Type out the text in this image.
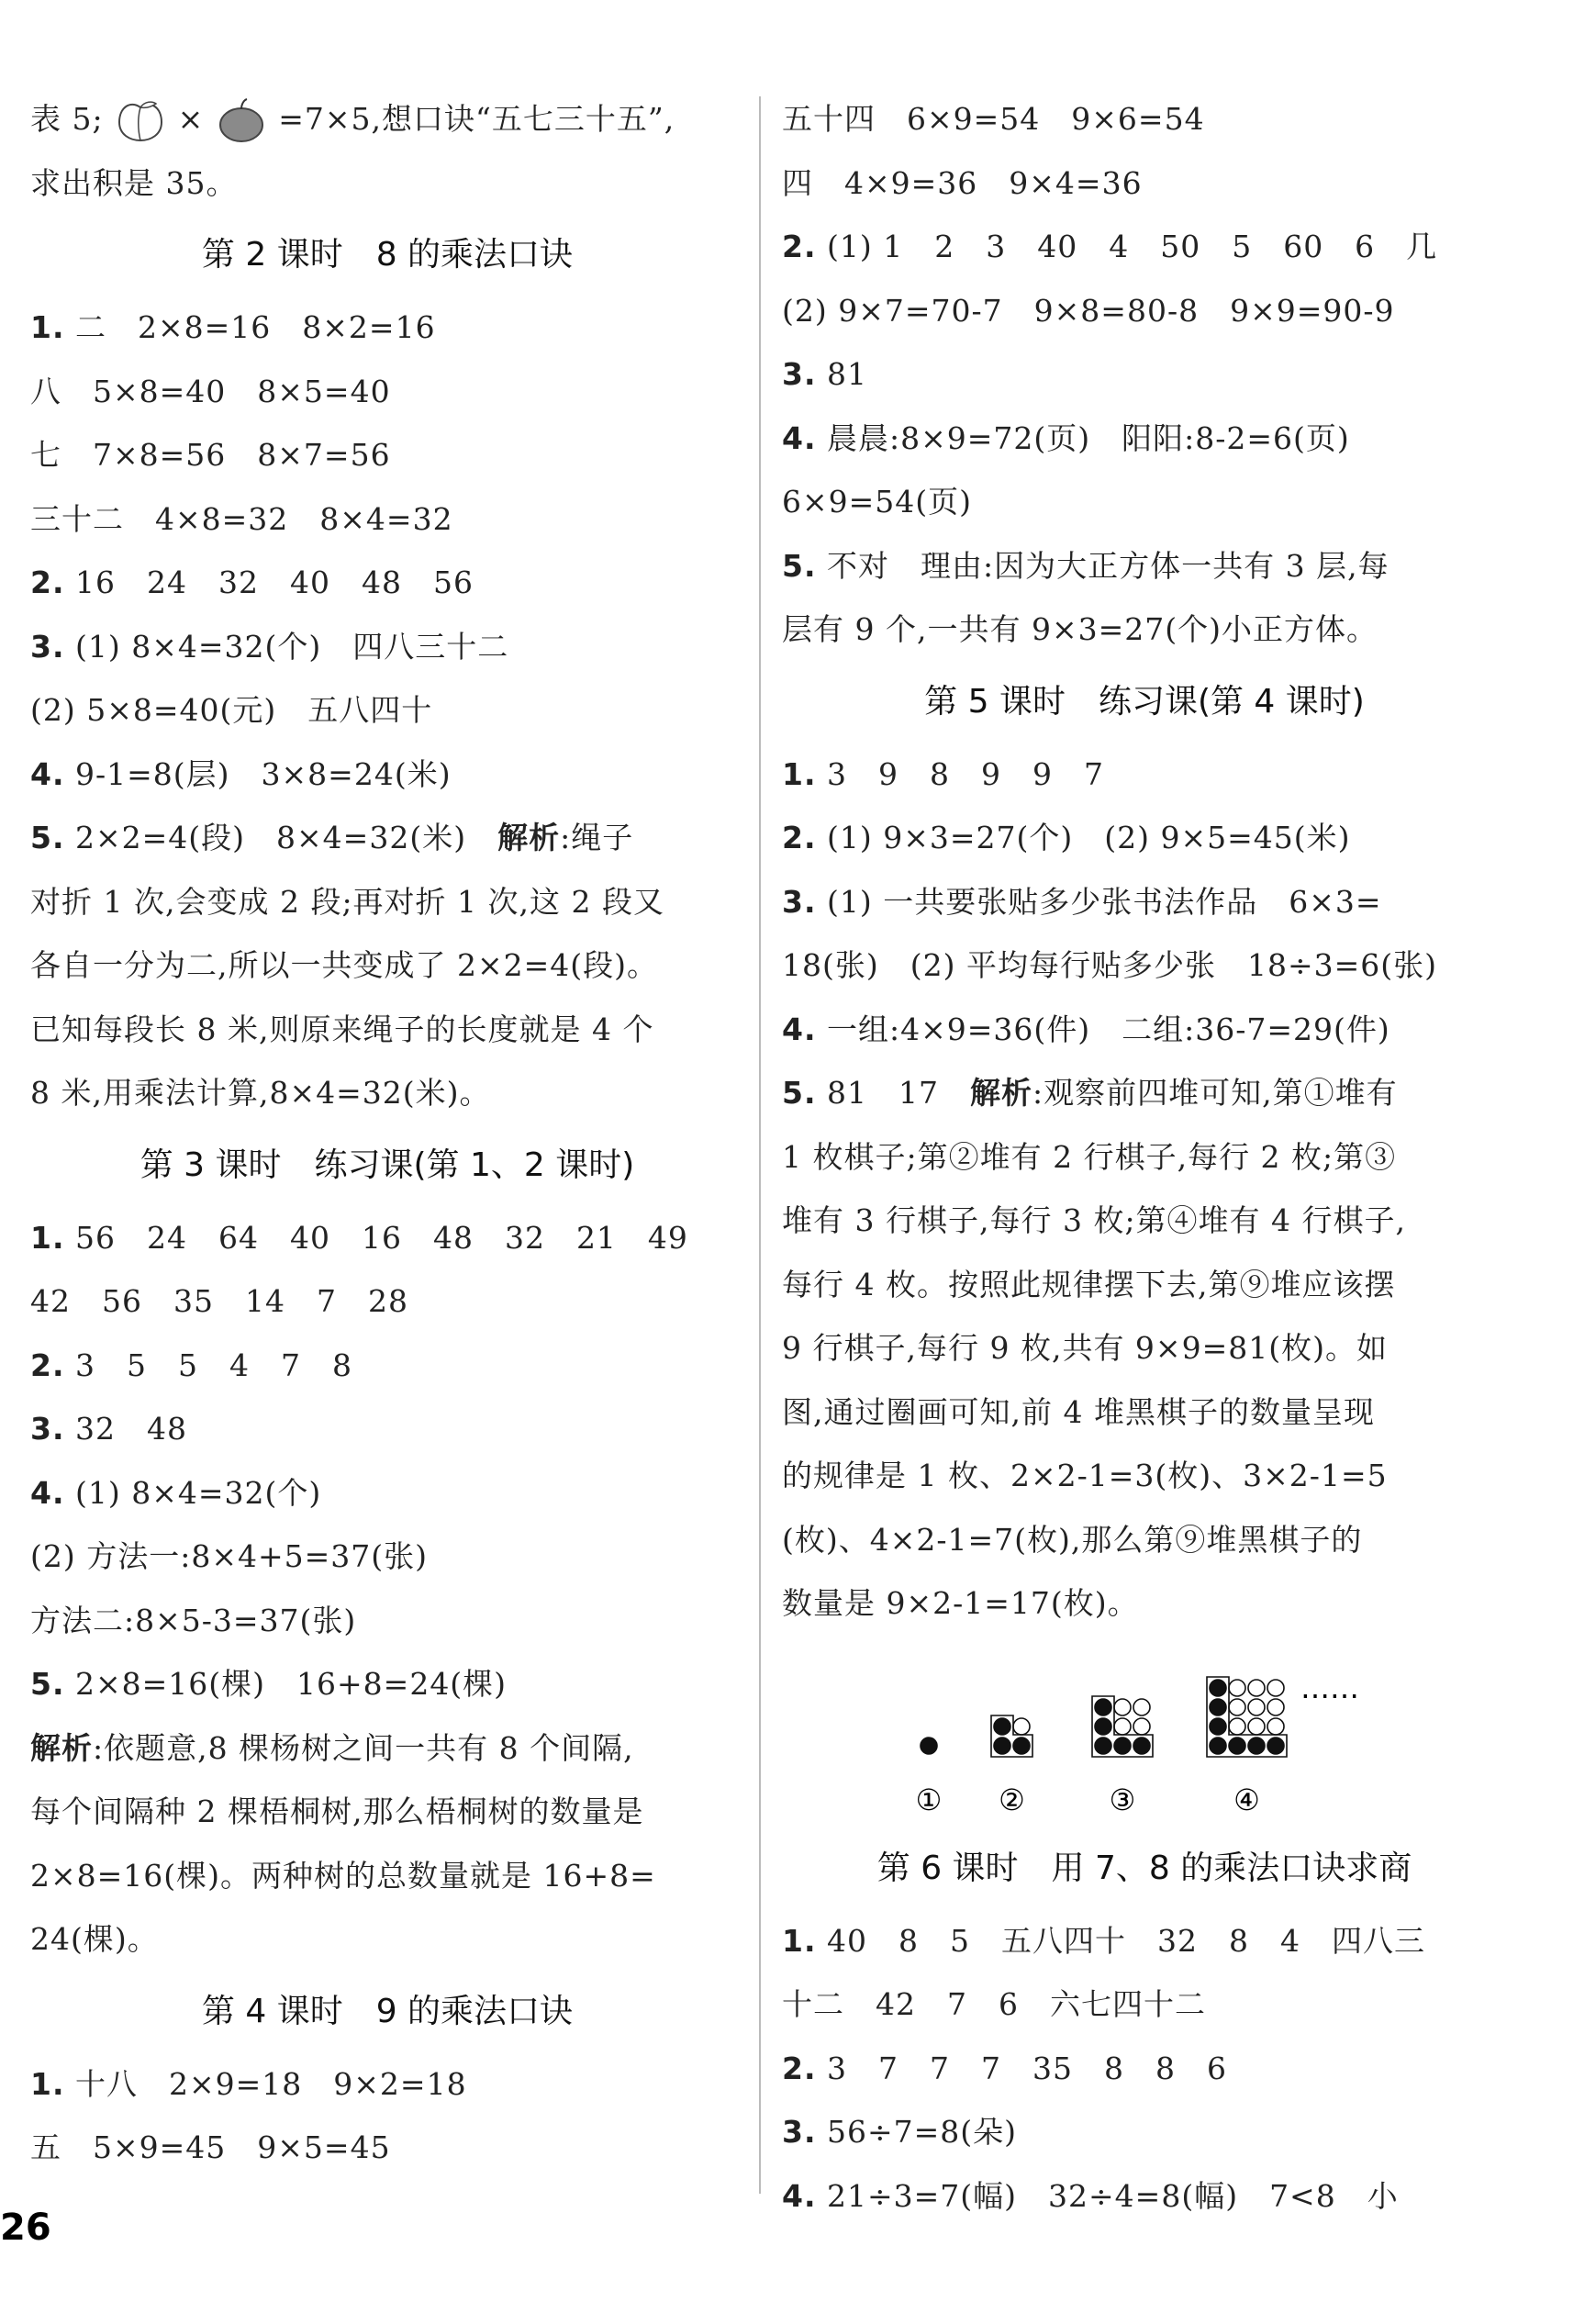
表 5; × =7×5,想口诀“五七三十五”,
求出积是 35。
第 2 课时　8 的乘法口诀
1. 二　2×8=16　8×2=16
八　5×8=40　8×5=40
七　7×8=56　8×7=56
三十二　4×8=32　8×4=32
2. 16　24　32　40　48　56
3. (1) 8×4=32(个)　四八三十二
(2) 5×8=40(元)　五八四十
4. 9-1=8(层)　3×8=24(米)
5. 2×2=4(段)　8×4=32(米)　解析:绳子
对折 1 次,会变成 2 段;再对折 1 次,这 2 段又
各自一分为二,所以一共变成了 2×2=4(段)。
已知每段长 8 米,则原来绳子的长度就是 4 个
8 米,用乘法计算,8×4=32(米)。
第 3 课时　练习课(第 1、2 课时)
1. 56　24　64　40　16　48　32　21　49
42　56　35　14　7　28
2. 3　5　5　4　7　8
3. 32　48
4. (1) 8×4=32(个)
(2) 方法一:8×4+5=37(张)
方法二:8×5-3=37(张)
5. 2×8=16(棵)　16+8=24(棵)
解析:依题意,8 棵杨树之间一共有 8 个间隔,
每个间隔种 2 棵梧桐树,那么梧桐树的数量是
2×8=16(棵)。两种树的总数量就是 16+8=
24(棵)。
第 4 课时　9 的乘法口诀
1. 十八　2×9=18　9×2=18
五　5×9=45　9×5=45
五十四　6×9=54　9×6=54
四　4×9=36　9×4=36
2. (1) 1　2　3　40　4　50　5　60　6　几
(2) 9×7=70-7　9×8=80-8　9×9=90-9
3. 81
4. 晨晨:8×9=72(页)　阳阳:8-2=6(页)
6×9=54(页)
5. 不对　理由:因为大正方体一共有 3 层,每
层有 9 个,一共有 9×3=27(个)小正方体。
第 5 课时　练习课(第 4 课时)
1. 3　9　8　9　9　7
2. (1) 9×3=27(个)　(2) 9×5=45(米)
3. (1) 一共要张贴多少张书法作品　6×3=
18(张)　(2) 平均每行贴多少张　18÷3=6(张)
4. 一组:4×9=36(件)　二组:36-7=29(件)
5. 81　17　解析:观察前四堆可知,第①堆有
1 枚棋子;第②堆有 2 行棋子,每行 2 枚;第③
堆有 3 行棋子,每行 3 枚;第④堆有 4 行棋子,
每行 4 枚。按照此规律摆下去,第⑨堆应该摆
9 行棋子,每行 9 枚,共有 9×9=81(枚)。如
图,通过圈画可知,前 4 堆黑棋子的数量呈现
的规律是 1 枚、2×2-1=3(枚)、3×2-1=5
(枚)、4×2-1=7(枚),那么第⑨堆黑棋子的
数量是 9×2-1=17(枚)。
① ②	③	④
……
第 6 课时　用 7、8 的乘法口诀求商
1. 40　8　5　五八四十　32　8　4　四八三
十二　42　7　6　六七四十二
2. 3　7　7　7　35　8　8　6
3. 56÷7=8(朵)
4. 21÷3=7(幅)　32÷4=8(幅)　7<8　小
26
